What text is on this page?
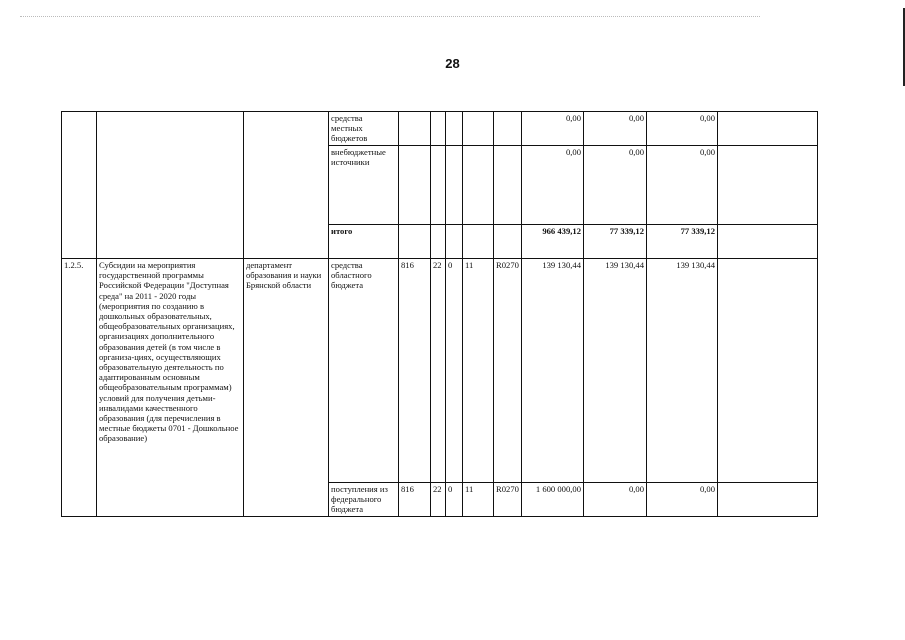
28
			средства местных бюджетов						0,00	0,00	0,00	
			внебюджетные источники						0,00	0,00	0,00	
			итого						966 439,12	77 339,12	77 339,12	
1.2.5.	Субсидии на мероприятия государственной программы Российской Федерации "Доступная среда" на 2011 - 2020 годы (мероприятия по созданию в дошкольных образовательных, общеобразовательных организациях, организациях дополнительного образования детей (в том числе в организа-циях, осуществляющих образовательную деятельность по адаптированным основным общеобразовательным программам) условий для получения детьми-инвалидами качественного образования (для перечисления в местные бюджеты 0701 - Дошкольное образование)	департамент образования и науки Брянской области	средства областного бюджета	816	22	0	11	R0270	139 130,44	139 130,44	139 130,44	
			поступления из федерального бюджета	816	22	0	11	R0270	1 600 000,00	0,00	0,00	
